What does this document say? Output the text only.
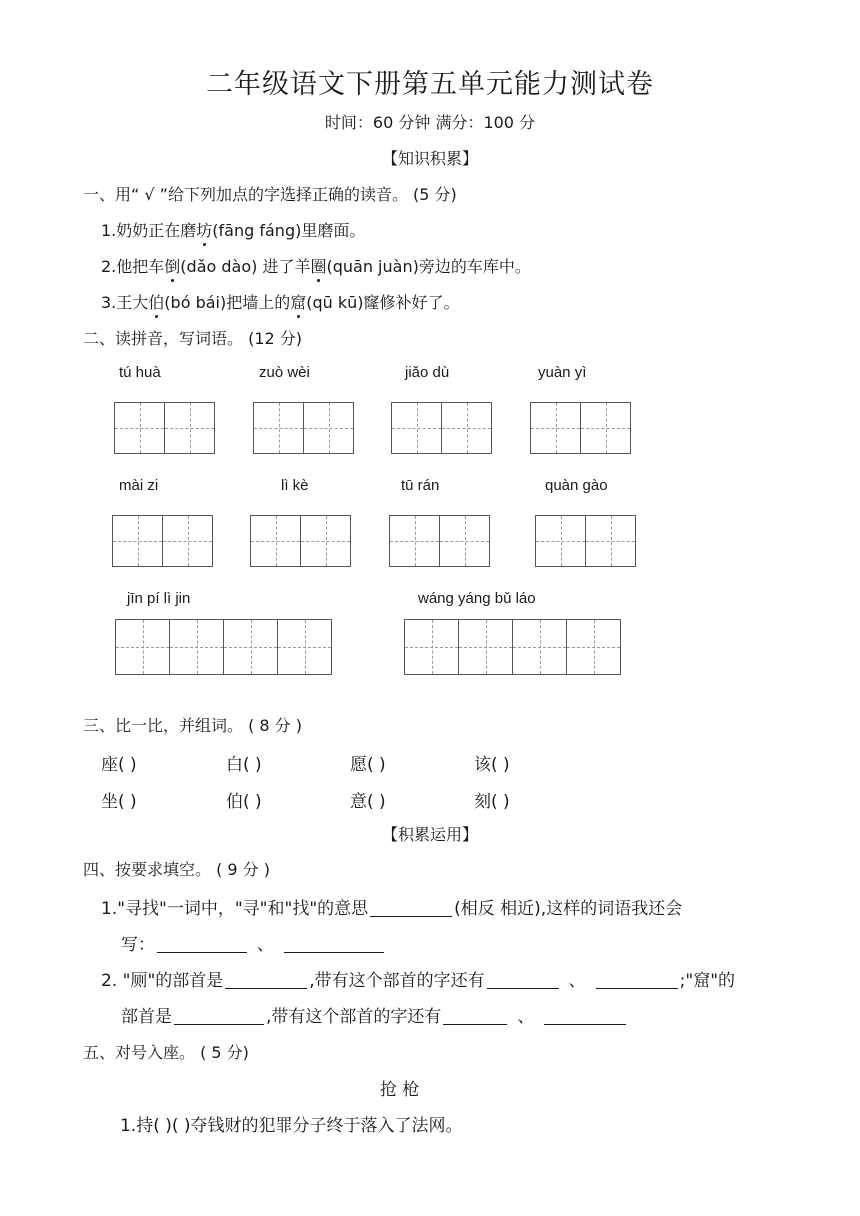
二年级语文下册第五单元能力测试卷
时间：60 分钟 满分：100 分
【知识积累】
一、用“ √ ”给下列加点的字选择正确的读音。 (5 分)
1.奶奶正在磨坊(fāng fáng)里磨面。
2.他把车倒(dǎo dào) 进了羊圈(quān juàn)旁边的车库中。
3.王大伯(bó bái)把墙上的窟(qū kū)窿修补好了。
二、读拼音，写词语。 (12 分)
tú huà	zuò wèi	jiǎo dù	yuàn yì
mài zi	lì kè	tū rán	quàn gào
jīn pí lì jin	wáng yáng bǔ láo
三、比一比，并组词。 ( 8 分 )
座( )	白( )	愿( )	该( )
坐( )	伯( )	意( )	刻( )
【积累运用】
四、按要求填空。 ( 9 分 )
1."寻找"一词中，"寻"和"找"的意思	(相反 相近),这样的词语我还会
写：	、
2. "厕"的部首是	,带有这个部首的字还有	、	;"窟"的
部首是	,带有这个部首的字还有	、
五、对号入座。 ( 5 分)
抢 枪
1.持( )( )夺钱财的犯罪分子终于落入了法网。
